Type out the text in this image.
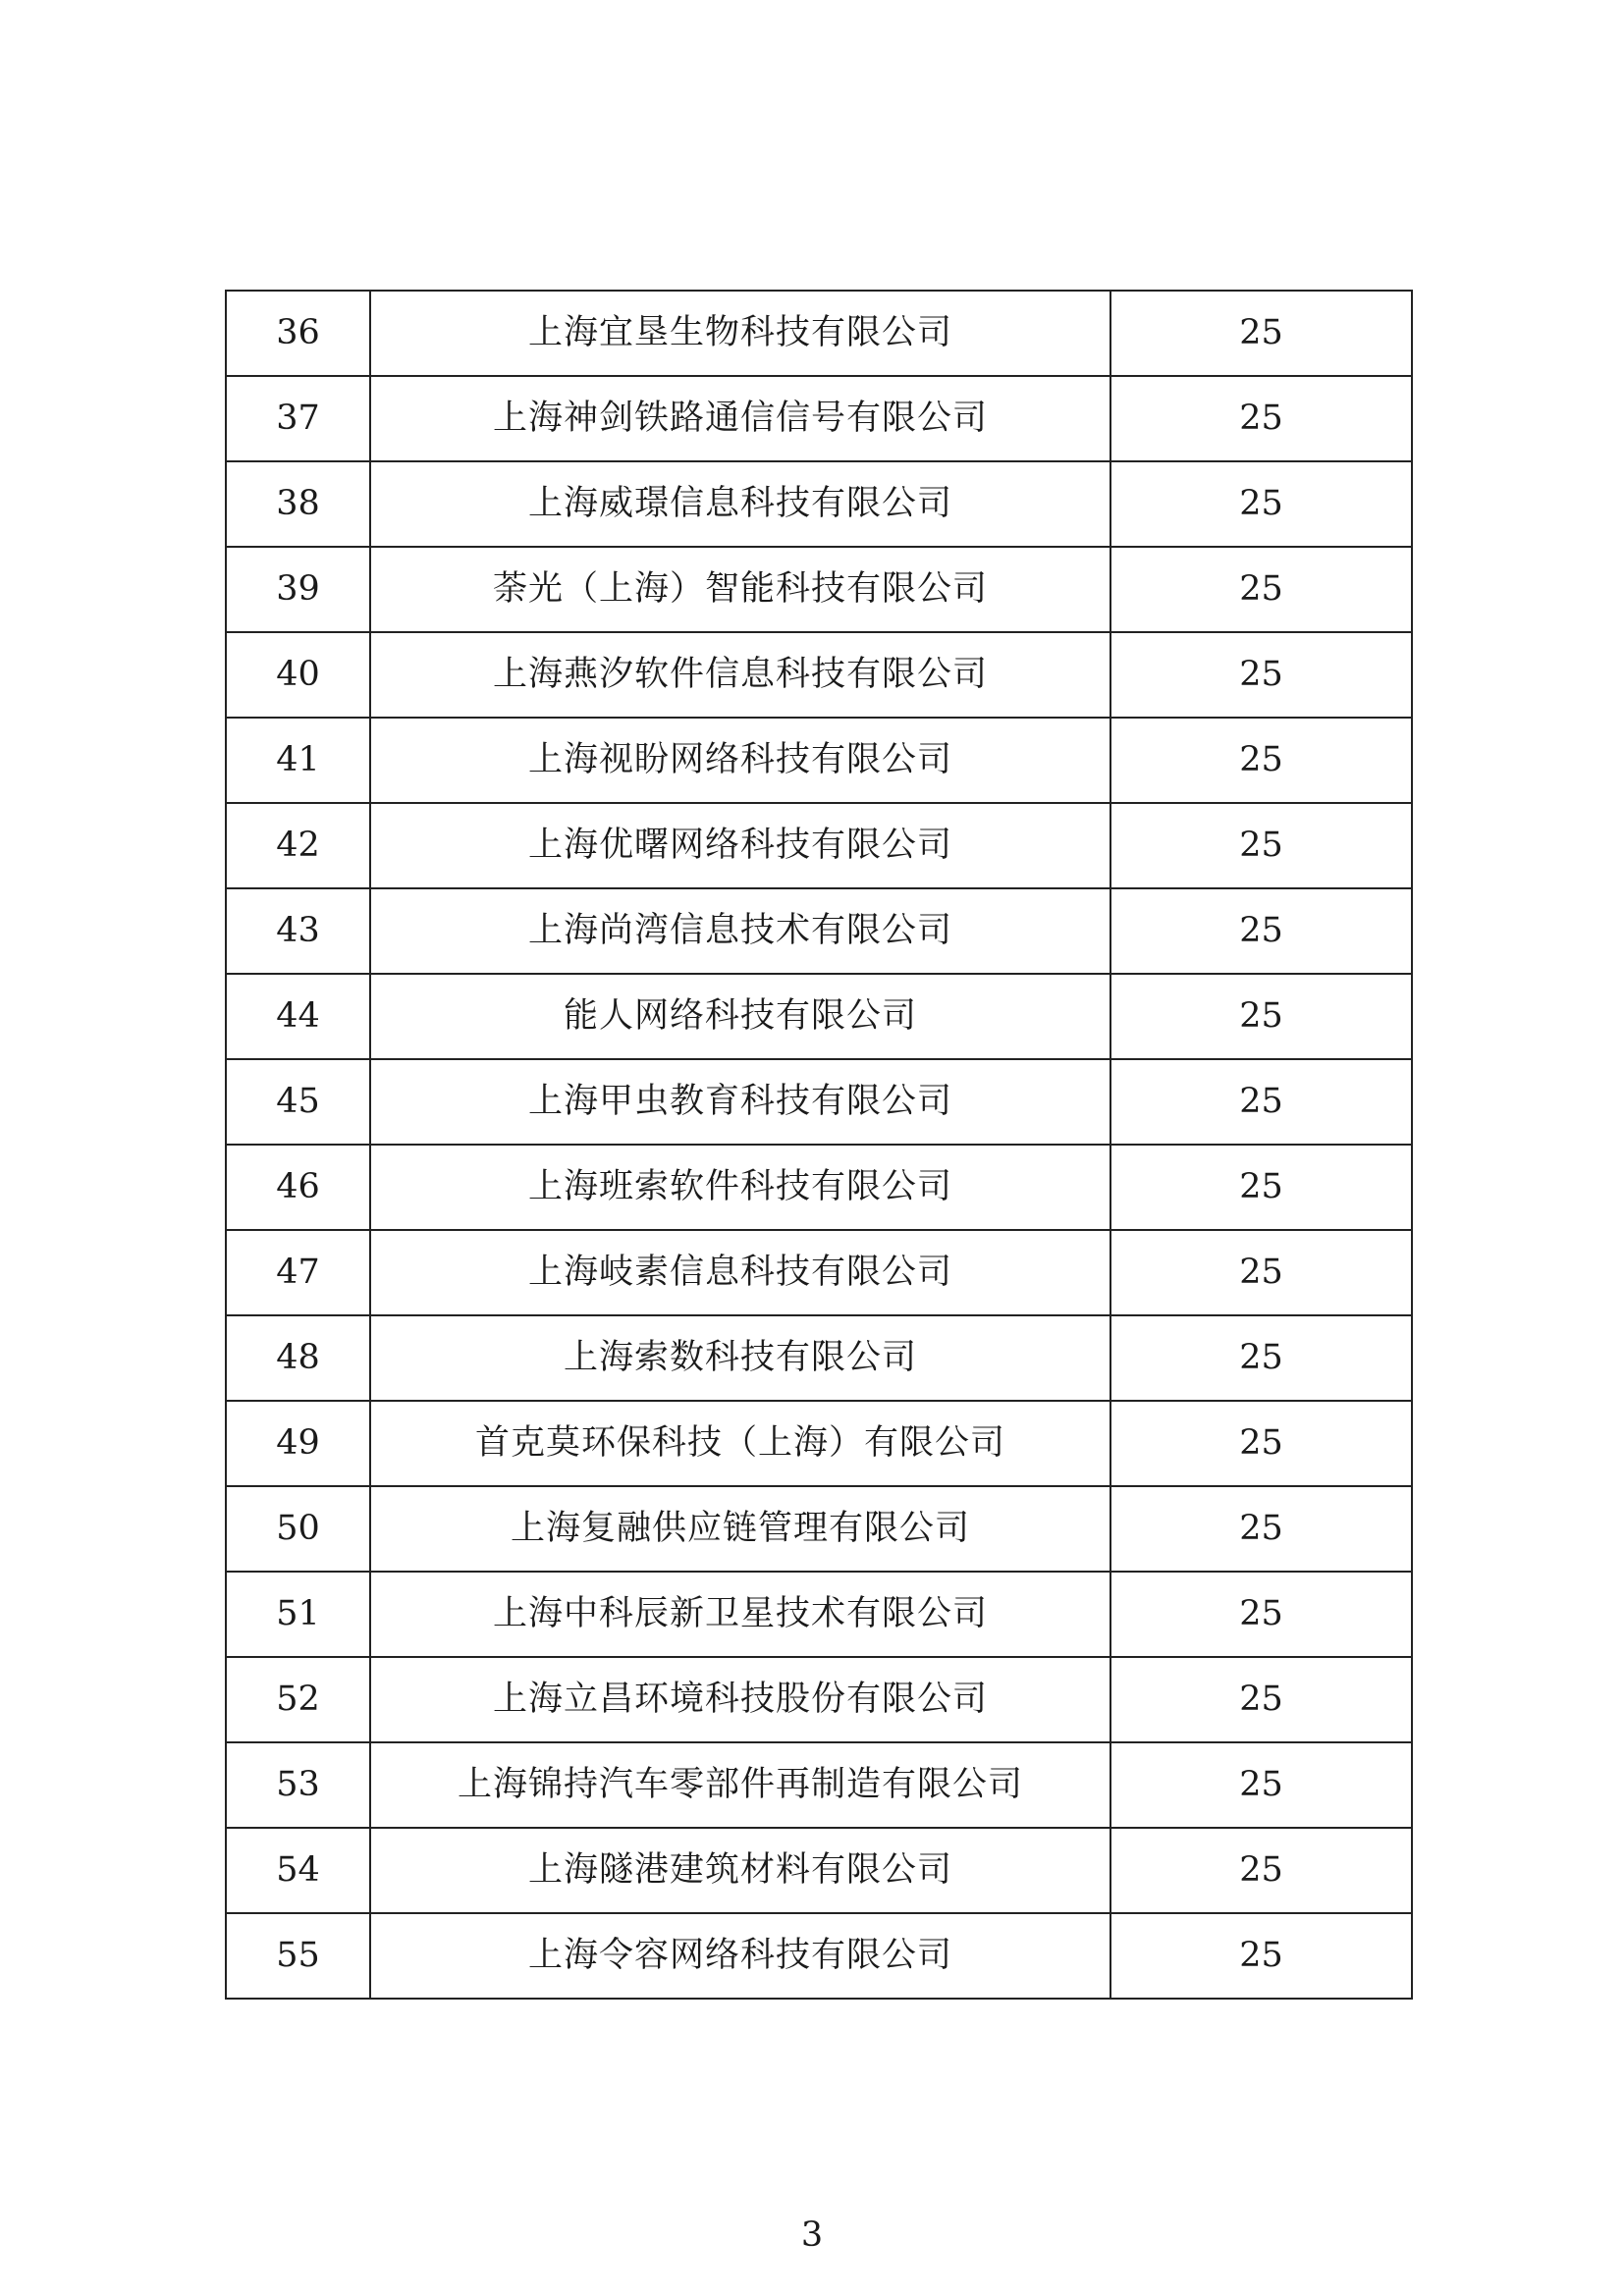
36	上海宜垦生物科技有限公司	25
37	上海神剑铁路通信信号有限公司	25
38	上海威璟信息科技有限公司	25
39	荼光（上海）智能科技有限公司	25
40	上海燕汐软件信息科技有限公司	25
41	上海视盼网络科技有限公司	25
42	上海优曙网络科技有限公司	25
43	上海尚湾信息技术有限公司	25
44	能人网络科技有限公司	25
45	上海甲虫教育科技有限公司	25
46	上海班索软件科技有限公司	25
47	上海岐素信息科技有限公司	25
48	上海索数科技有限公司	25
49	首克莫环保科技（上海）有限公司	25
50	上海复融供应链管理有限公司	25
51	上海中科辰新卫星技术有限公司	25
52	上海立昌环境科技股份有限公司	25
53	上海锦持汽车零部件再制造有限公司	25
54	上海隧港建筑材料有限公司	25
55	上海令容网络科技有限公司	25
3
